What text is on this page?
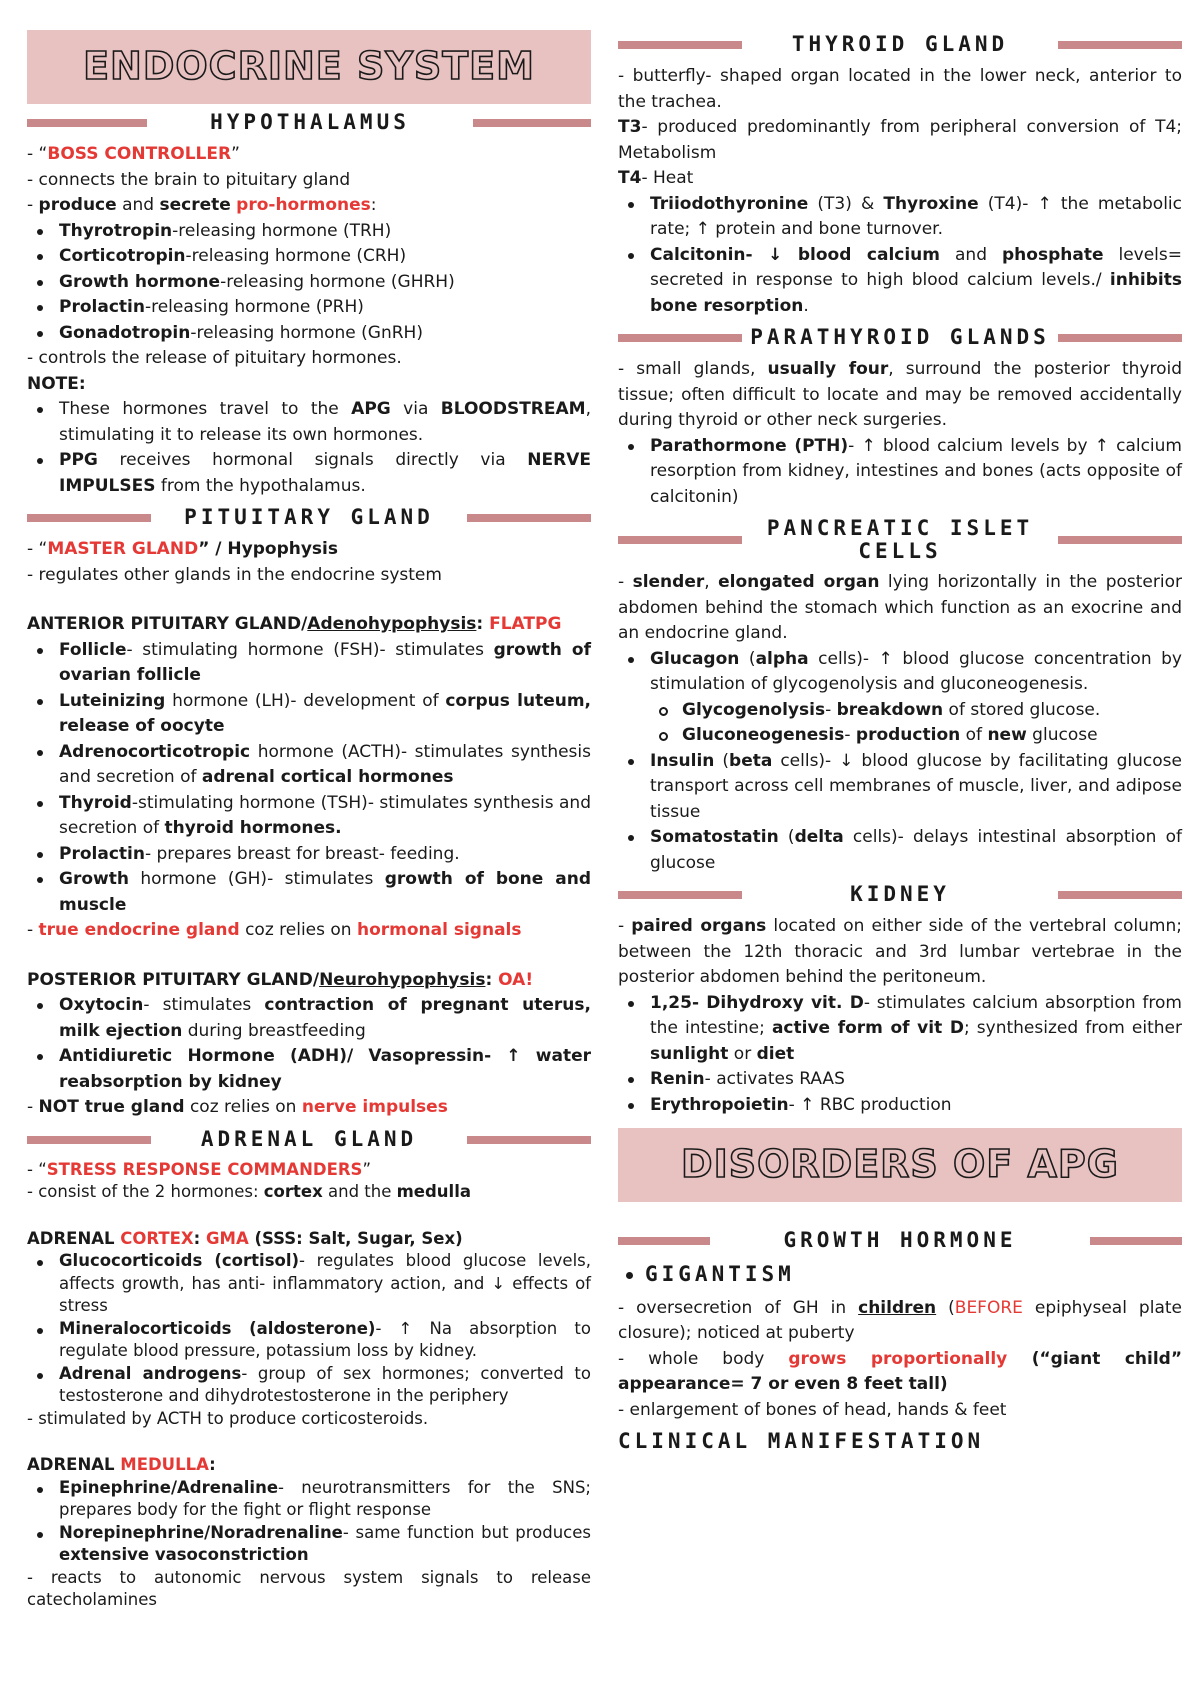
ENDOCRINE SYSTEM
HYPOTHALAMUS
- “BOSS CONTROLLER”
- connects the brain to pituitary gland
- produce and secrete pro-hormones:
Thyrotropin-releasing hormone (TRH)
Corticotropin-releasing hormone (CRH)
Growth hormone-releasing hormone (GHRH)
Prolactin-releasing hormone (PRH)
Gonadotropin-releasing hormone (GnRH)
- controls the release of pituitary hormones.
NOTE:
These hormones travel to the APG via BLOODSTREAM, stimulating it to release its own hormones.
PPG receives hormonal signals directly via NERVE IMPULSES from the hypothalamus.
PITUITARY GLAND
- “MASTER GLAND” / Hypophysis
- regulates other glands in the endocrine system
ANTERIOR PITUITARY GLAND/Adenohypophysis: FLATPG
Follicle- stimulating hormone (FSH)- stimulates growth of ovarian follicle
Luteinizing hormone (LH)- development of corpus luteum, release of oocyte
Adrenocorticotropic hormone (ACTH)- stimulates synthesis and secretion of adrenal cortical hormones
Thyroid-stimulating hormone (TSH)- stimulates synthesis and secretion of thyroid hormones.
Prolactin- prepares breast for breast- feeding.
Growth hormone (GH)- stimulates growth of bone and muscle
- true endocrine gland coz relies on hormonal signals
POSTERIOR PITUITARY GLAND/Neurohypophysis: OA!
Oxytocin- stimulates contraction of pregnant uterus, milk ejection during breastfeeding
Antidiuretic Hormone (ADH)/ Vasopressin- ↑ water reabsorption by kidney
- NOT true gland coz relies on nerve impulses
ADRENAL GLAND
- “STRESS RESPONSE COMMANDERS”
- consist of the 2 hormones: cortex and the medulla
ADRENAL CORTEX: GMA (SSS: Salt, Sugar, Sex)
Glucocorticoids (cortisol)- regulates blood glucose levels, affects growth, has anti- inflammatory action, and ↓ effects of stress
Mineralocorticoids (aldosterone)- ↑ Na absorption to regulate blood pressure, potassium loss by kidney.
Adrenal androgens- group of sex hormones; converted to testosterone and dihydrotestosterone in the periphery
- stimulated by ACTH to produce corticosteroids.
ADRENAL MEDULLA:
Epinephrine/Adrenaline- neurotransmitters for the SNS; prepares body for the fight or flight response
Norepinephrine/Noradrenaline- same function but produces extensive vasoconstriction
- reacts to autonomic nervous system signals to release catecholamines
THYROID GLAND
- butterfly- shaped organ located in the lower neck, anterior to the trachea.
T3- produced predominantly from peripheral conversion of T4; Metabolism
T4- Heat
Triiodothyronine (T3) & Thyroxine (T4)- ↑ the metabolic rate; ↑ protein and bone turnover.
Calcitonin- ↓ blood calcium and phosphate levels= secreted in response to high blood calcium levels./ inhibits bone resorption.
PARATHYROID GLANDS
- small glands, usually four, surround the posterior thyroid tissue; often difficult to locate and may be removed accidentally during thyroid or other neck surgeries.
Parathormone (PTH)- ↑ blood calcium levels by ↑ calcium resorption from kidney, intestines and bones (acts opposite of calcitonin)
PANCREATIC ISLET CELLS
- slender, elongated organ lying horizontally in the posterior abdomen behind the stomach which function as an exocrine and an endocrine gland.
Glucagon (alpha cells)- ↑ blood glucose concentration by stimulation of glycogenolysis and gluconeogenesis.
Glycogenolysis- breakdown of stored glucose.
Gluconeogenesis- production of new glucose
Insulin (beta cells)- ↓ blood glucose by facilitating glucose transport across cell membranes of muscle, liver, and adipose tissue
Somatostatin (delta cells)- delays intestinal absorption of glucose
KIDNEY
- paired organs located on either side of the vertebral column; between the 12th thoracic and 3rd lumbar vertebrae in the posterior abdomen behind the peritoneum.
1,25- Dihydroxy vit. D- stimulates calcium absorption from the intestine; active form of vit D; synthesized from either sunlight or diet
Renin- activates RAAS
Erythropoietin- ↑ RBC production
DISORDERS OF APG
GROWTH HORMONE
GIGANTISM
- oversecretion of GH in children (BEFORE epiphyseal plate closure); noticed at puberty
- whole body grows proportionally (“giant child” appearance= 7 or even 8 feet tall)
- enlargement of bones of head, hands & feet
CLINICAL MANIFESTATION
